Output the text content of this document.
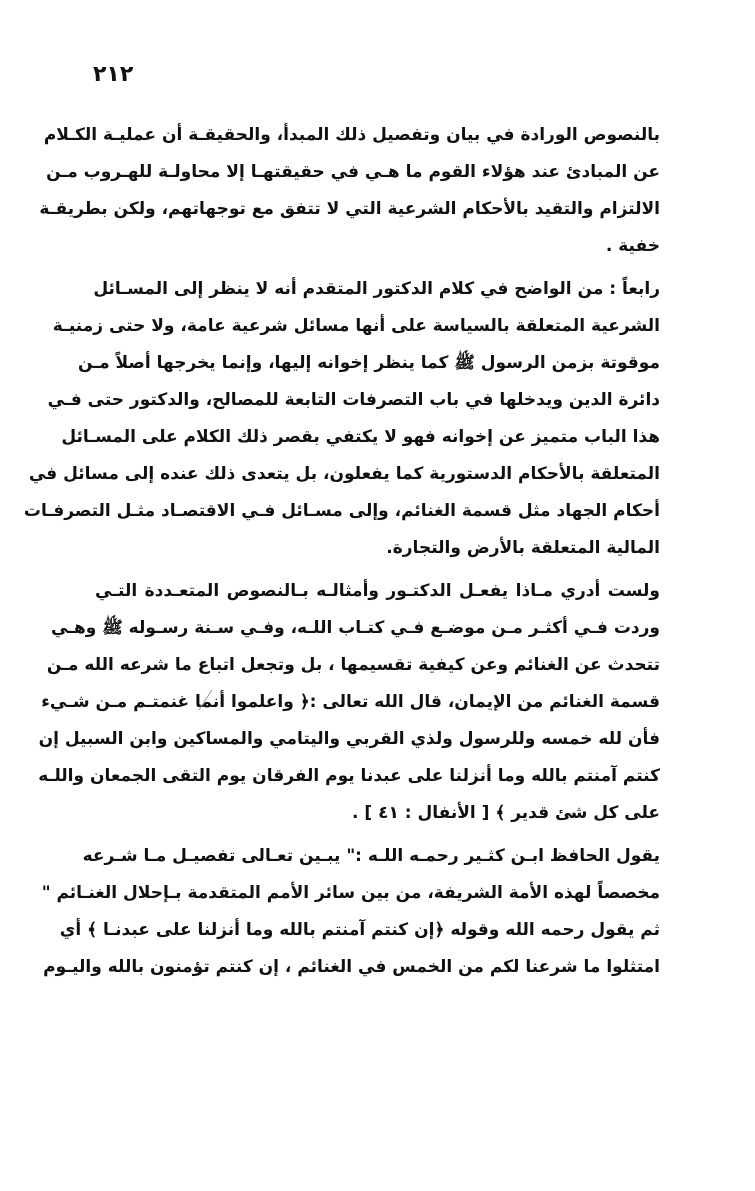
٢١٢
بالنصوص الورادة في بيان وتفصيل ذلك المبدأ، والحقيقـة أن عمليـة الكـلام
عن المبادئ عند هؤلاء القوم ما هـي في حقيقتهـا إلا محاولـة للهـروب مـن
الالتزام والتقيد بالأحكام الشرعية التي لا تتفق مع توجهاتهم، ولكن بطريقـة
خفية .
رابعاً : من الواضح في كلام الدكتور المتقدم أنه لا ينظر إلى المسـائل
الشرعية المتعلقة بالسياسة على أنها مسائل شرعية عامة، ولا حتى زمنيـة
موقوتة بزمن الرسول ﷺ كما ينظر إخوانه إليها، وإنما يخرجها أصلاً مـن
دائرة الدين ويدخلها في باب التصرفات التابعة للمصالح، والدكتور حتى فـي
هذا الباب متميز عن إخوانه فهو لا يكتفي بقصر ذلك الكلام على المسـائل
المتعلقة بالأحكام الدستورية كما يفعلون، بل يتعدى ذلك عنده إلى مسائل في
أحكام الجهاد مثل قسمة الغنائم، وإلى مسـائل فـي الاقتصـاد مثـل التصرفـات
المالية المتعلقة بالأرض والتجارة.
ولست أدري مـاذا يفعـل الدكتـور وأمثالـه بـالنصوص المتعـددة التـي
وردت فـي أكثـر مـن موضـع فـي كتـاب اللـه، وفـي سـنة رسـوله ﷺ وهـي
تتحدث عن الغنائم وعن كيفية تقسيمها ، بل وتجعل اتباع ما شرعه الله مـن
قسمة الغنائم من الإيمان، قال الله تعالى :﴿ واعلموا أنما غنمتـم مـن شـيء
فأن لله خمسه وللرسول ولذي القربي واليتامي والمساكين وابن السبيل إن
كنتم آمنتم بالله وما أنزلنا على عبدنا يوم الفرقان يوم التقى الجمعان واللـه
على كل شئ قدير ﴾ [ الأنفال : ٤١ ] .
يقول الحافظ ابـن كثـير رحمـه اللـه :" يبـين تعـالى تفصيـل مـا شـرعه
مخصصاً لهذه الأمة الشريفة، من بين سائر الأمم المتقدمة بـإحلال الغنـائم "
ثم يقول رحمه الله وقوله ﴿إن كنتم آمنتم بالله وما أنزلنا على عبدنـا ﴾ أي
امتثلوا ما شرعنا لكم من الخمس في الغنائم ، إن كنتم تؤمنون بالله واليـوم
